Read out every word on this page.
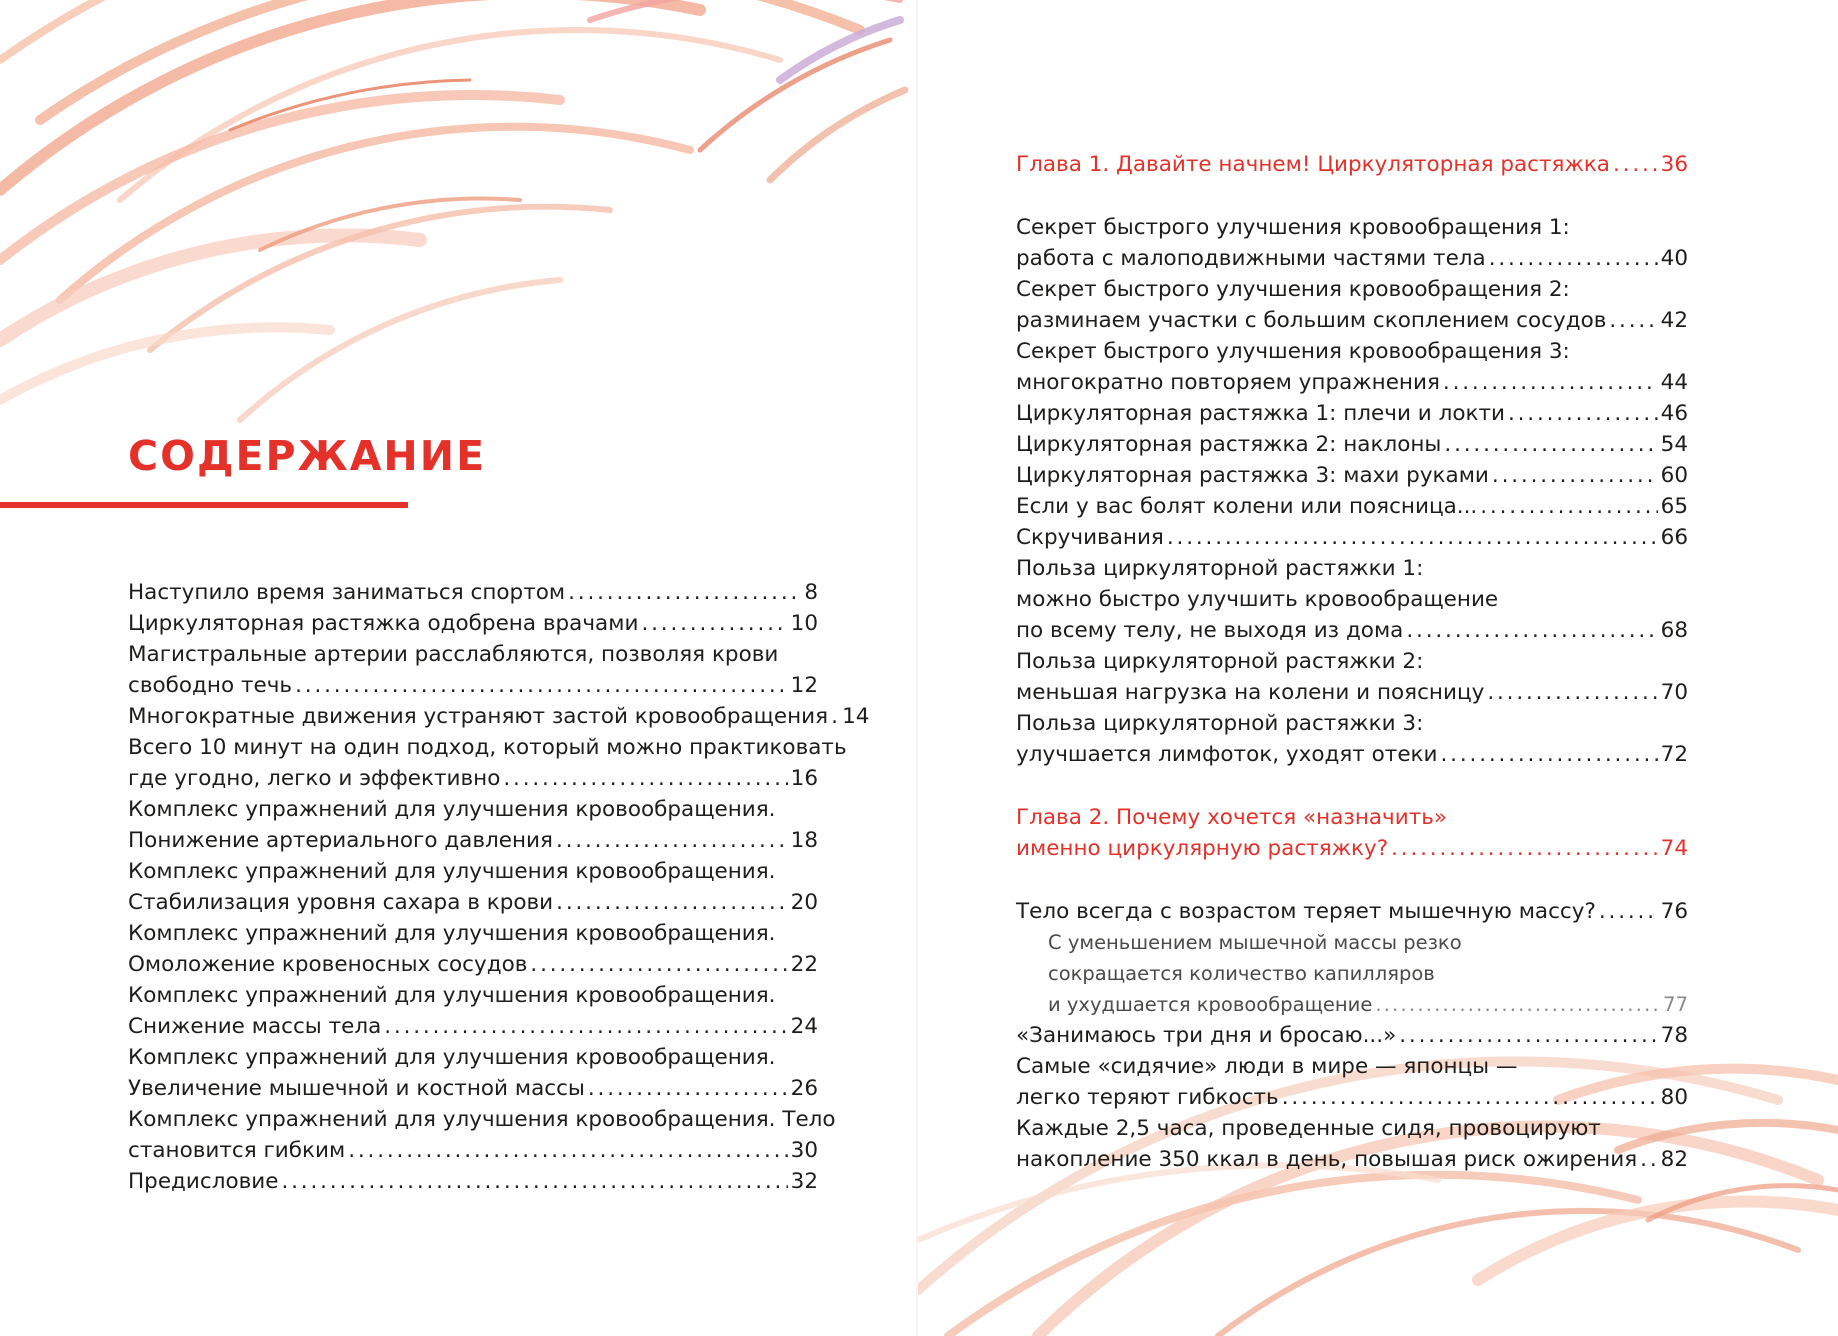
СОДЕРЖАНИЕ
Наступило время заниматься спортом . . .	8
Циркуляторная растяжка одобрена врачами . . .	10
Магистральные артерии расслабляются, позволяя крови
свободно течь . . .	12
Многократные движения устраняют застой кровообращения . . . 14
Всего 10 минут на один подход, который можно практиковать
где угодно, легко и эффективно . . .	16
Комплекс упражнений для улучшения кровообращения.
Понижение артериального давления . . .	18
Комплекс упражнений для улучшения кровообращения.
Стабилизация уровня сахара в крови . . .	20
Комплекс упражнений для улучшения кровообращения.
Омоложение кровеносных сосудов . . .	22
Комплекс упражнений для улучшения кровообращения.
Снижение массы тела . . .	24
Комплекс упражнений для улучшения кровообращения.
Увеличение мышечной и костной массы . . .	26
Комплекс упражнений для улучшения кровообращения. Тело
становится гибким . . .	30
Предисловие . . .	32
Глава 1. Давайте начнем! Циркуляторная растяжка . . . 36
Секрет быстрого улучшения кровообращения 1:
работа с малоподвижными частями тела . . .	40
Секрет быстрого улучшения кровообращения 2:
разминаем участки с большим скоплением сосудов . . .	42
Секрет быстрого улучшения кровообращения 3:
многократно повторяем упражнения . . .	44
Циркуляторная растяжка 1: плечи и локти . . .	46
Циркуляторная растяжка 2: наклоны . . .	54
Циркуляторная растяжка 3: махи руками . . .	60
Если у вас болят колени или поясница... . . .	65
Скручивания . . .	66
Польза циркуляторной растяжки 1:
можно быстро улучшить кровообращение
по всему телу, не выходя из дома . . .	68
Польза циркуляторной растяжки 2:
меньшая нагрузка на колени и поясницу . . .	70
Польза циркуляторной растяжки 3:
улучшается лимфоток, уходят отеки . . .	72
Глава 2. Почему хочется «назначить»
именно циркулярную растяжку? . . .	74
Тело всегда с возрастом теряет мышечную массу? . . .	76
С уменьшением мышечной массы резко
сокращается количество капилляров
и ухудшается кровообращение . . .	77
«Занимаюсь три дня и бросаю...» . . .	78
Самые «сидячие» люди в мире — японцы —
легко теряют гибкость . . .	80
Каждые 2,5 часа, проведенные сидя, провоцируют
накопление 350 ккал в день, повышая риск ожирения . . . 82
